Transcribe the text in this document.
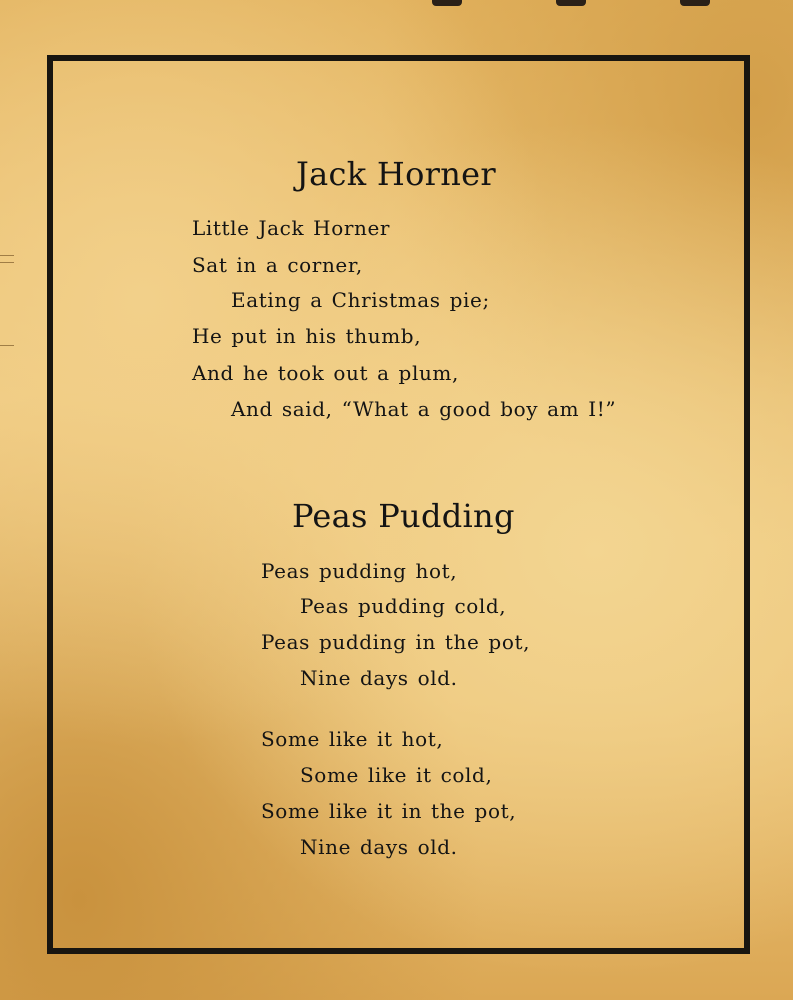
Jack Horner
Little Jack Horner
Sat in a corner,
Eating a Christmas pie;
He put in his thumb,
And he took out a plum,
And said, “What a good boy am I!”
Peas Pudding
Peas pudding hot,
Peas pudding cold,
Peas pudding in the pot,
Nine days old.
Some like it hot,
Some like it cold,
Some like it in the pot,
Nine days old.
